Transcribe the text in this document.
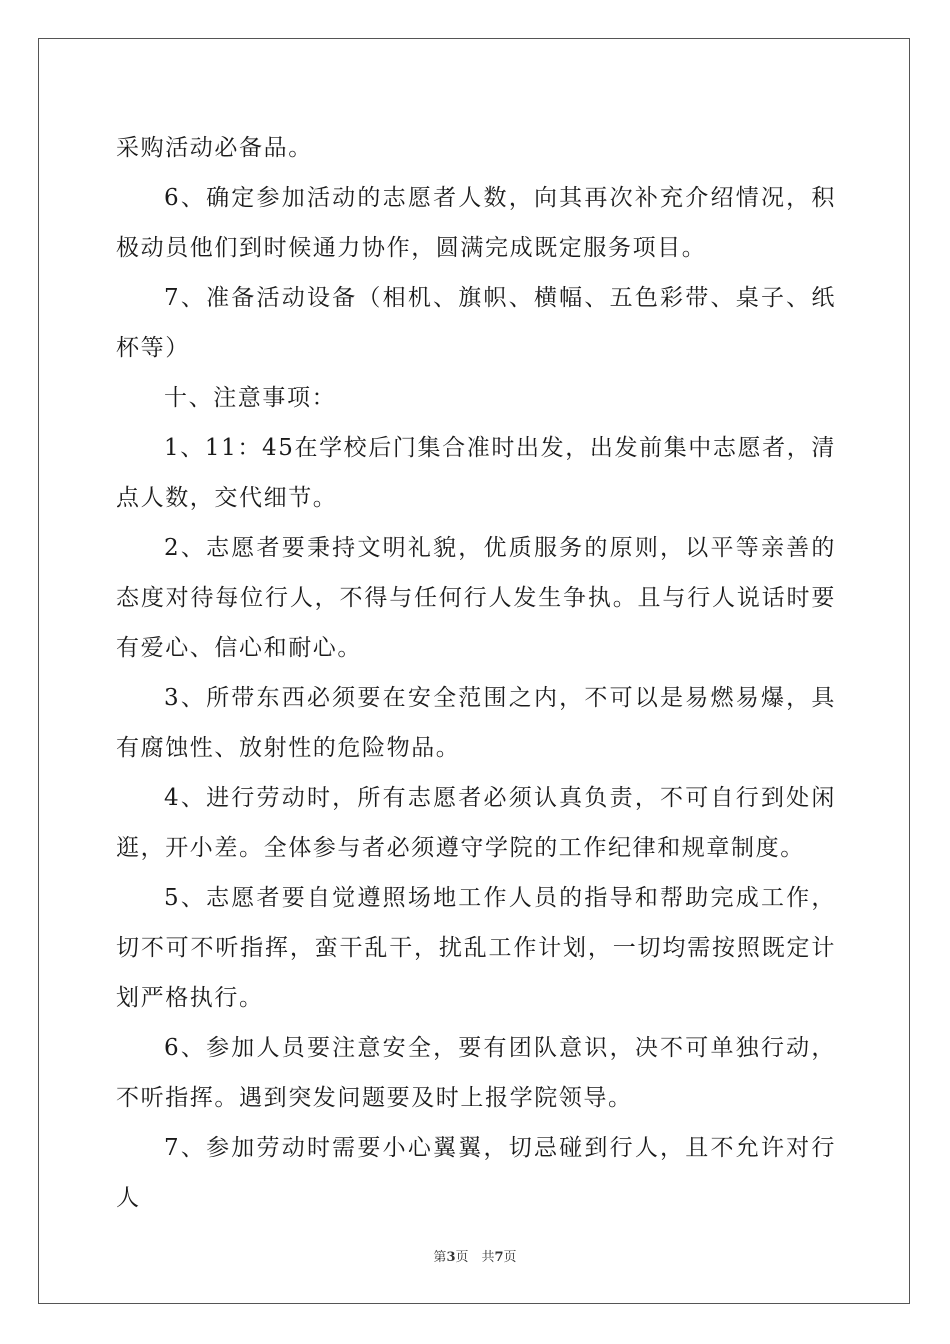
采购活动必备品。

6、确定参加活动的志愿者人数，向其再次补充介绍情况，积极动员他们到时候通力协作，圆满完成既定服务项目。

7、准备活动设备（相机、旗帜、横幅、五色彩带、桌子、纸杯等）

十、注意事项：

1、11：45在学校后门集合准时出发，出发前集中志愿者，清点人数，交代细节。

2、志愿者要秉持文明礼貌，优质服务的原则，以平等亲善的态度对待每位行人，不得与任何行人发生争执。且与行人说话时要有爱心、信心和耐心。

3、所带东西必须要在安全范围之内，不可以是易燃易爆，具有腐蚀性、放射性的危险物品。

4、进行劳动时，所有志愿者必须认真负责，不可自行到处闲逛，开小差。全体参与者必须遵守学院的工作纪律和规章制度。

5、志愿者要自觉遵照场地工作人员的指导和帮助完成工作，切不可不听指挥，蛮干乱干，扰乱工作计划，一切均需按照既定计划严格执行。

6、参加人员要注意安全，要有团队意识，决不可单独行动，不听指挥。遇到突发问题要及时上报学院领导。

7、参加劳动时需要小心翼翼，切忌碰到行人，且不允许对行人

第3页　共7页
